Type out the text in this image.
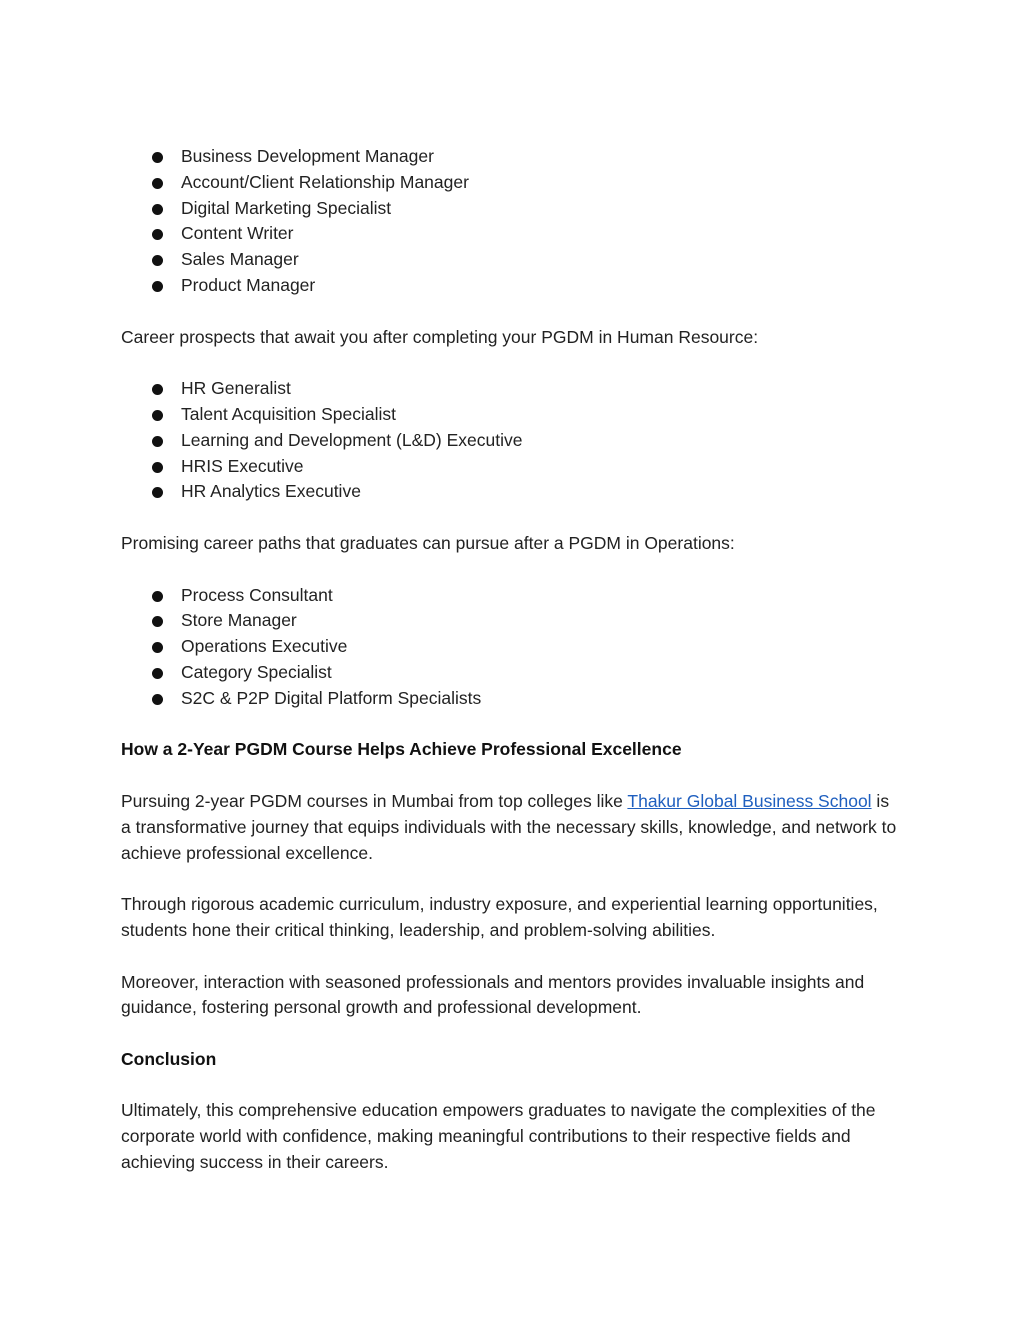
Business Development Manager
Account/Client Relationship Manager
Digital Marketing Specialist
Content Writer
Sales Manager
Product Manager

Career prospects that await you after completing your PGDM in Human Resource:

HR Generalist
Talent Acquisition Specialist
Learning and Development (L&D) Executive
HRIS Executive
HR Analytics Executive

Promising career paths that graduates can pursue after a PGDM in Operations:

Process Consultant
Store Manager
Operations Executive
Category Specialist
S2C & P2P Digital Platform Specialists

How a 2-Year PGDM Course Helps Achieve Professional Excellence

Pursuing 2-year PGDM courses in Mumbai from top colleges like Thakur Global Business School is a transformative journey that equips individuals with the necessary skills, knowledge, and network to achieve professional excellence.

Through rigorous academic curriculum, industry exposure, and experiential learning opportunities, students hone their critical thinking, leadership, and problem-solving abilities.

Moreover, interaction with seasoned professionals and mentors provides invaluable insights and guidance, fostering personal growth and professional development.

Conclusion

Ultimately, this comprehensive education empowers graduates to navigate the complexities of the corporate world with confidence, making meaningful contributions to their respective fields and achieving success in their careers.
